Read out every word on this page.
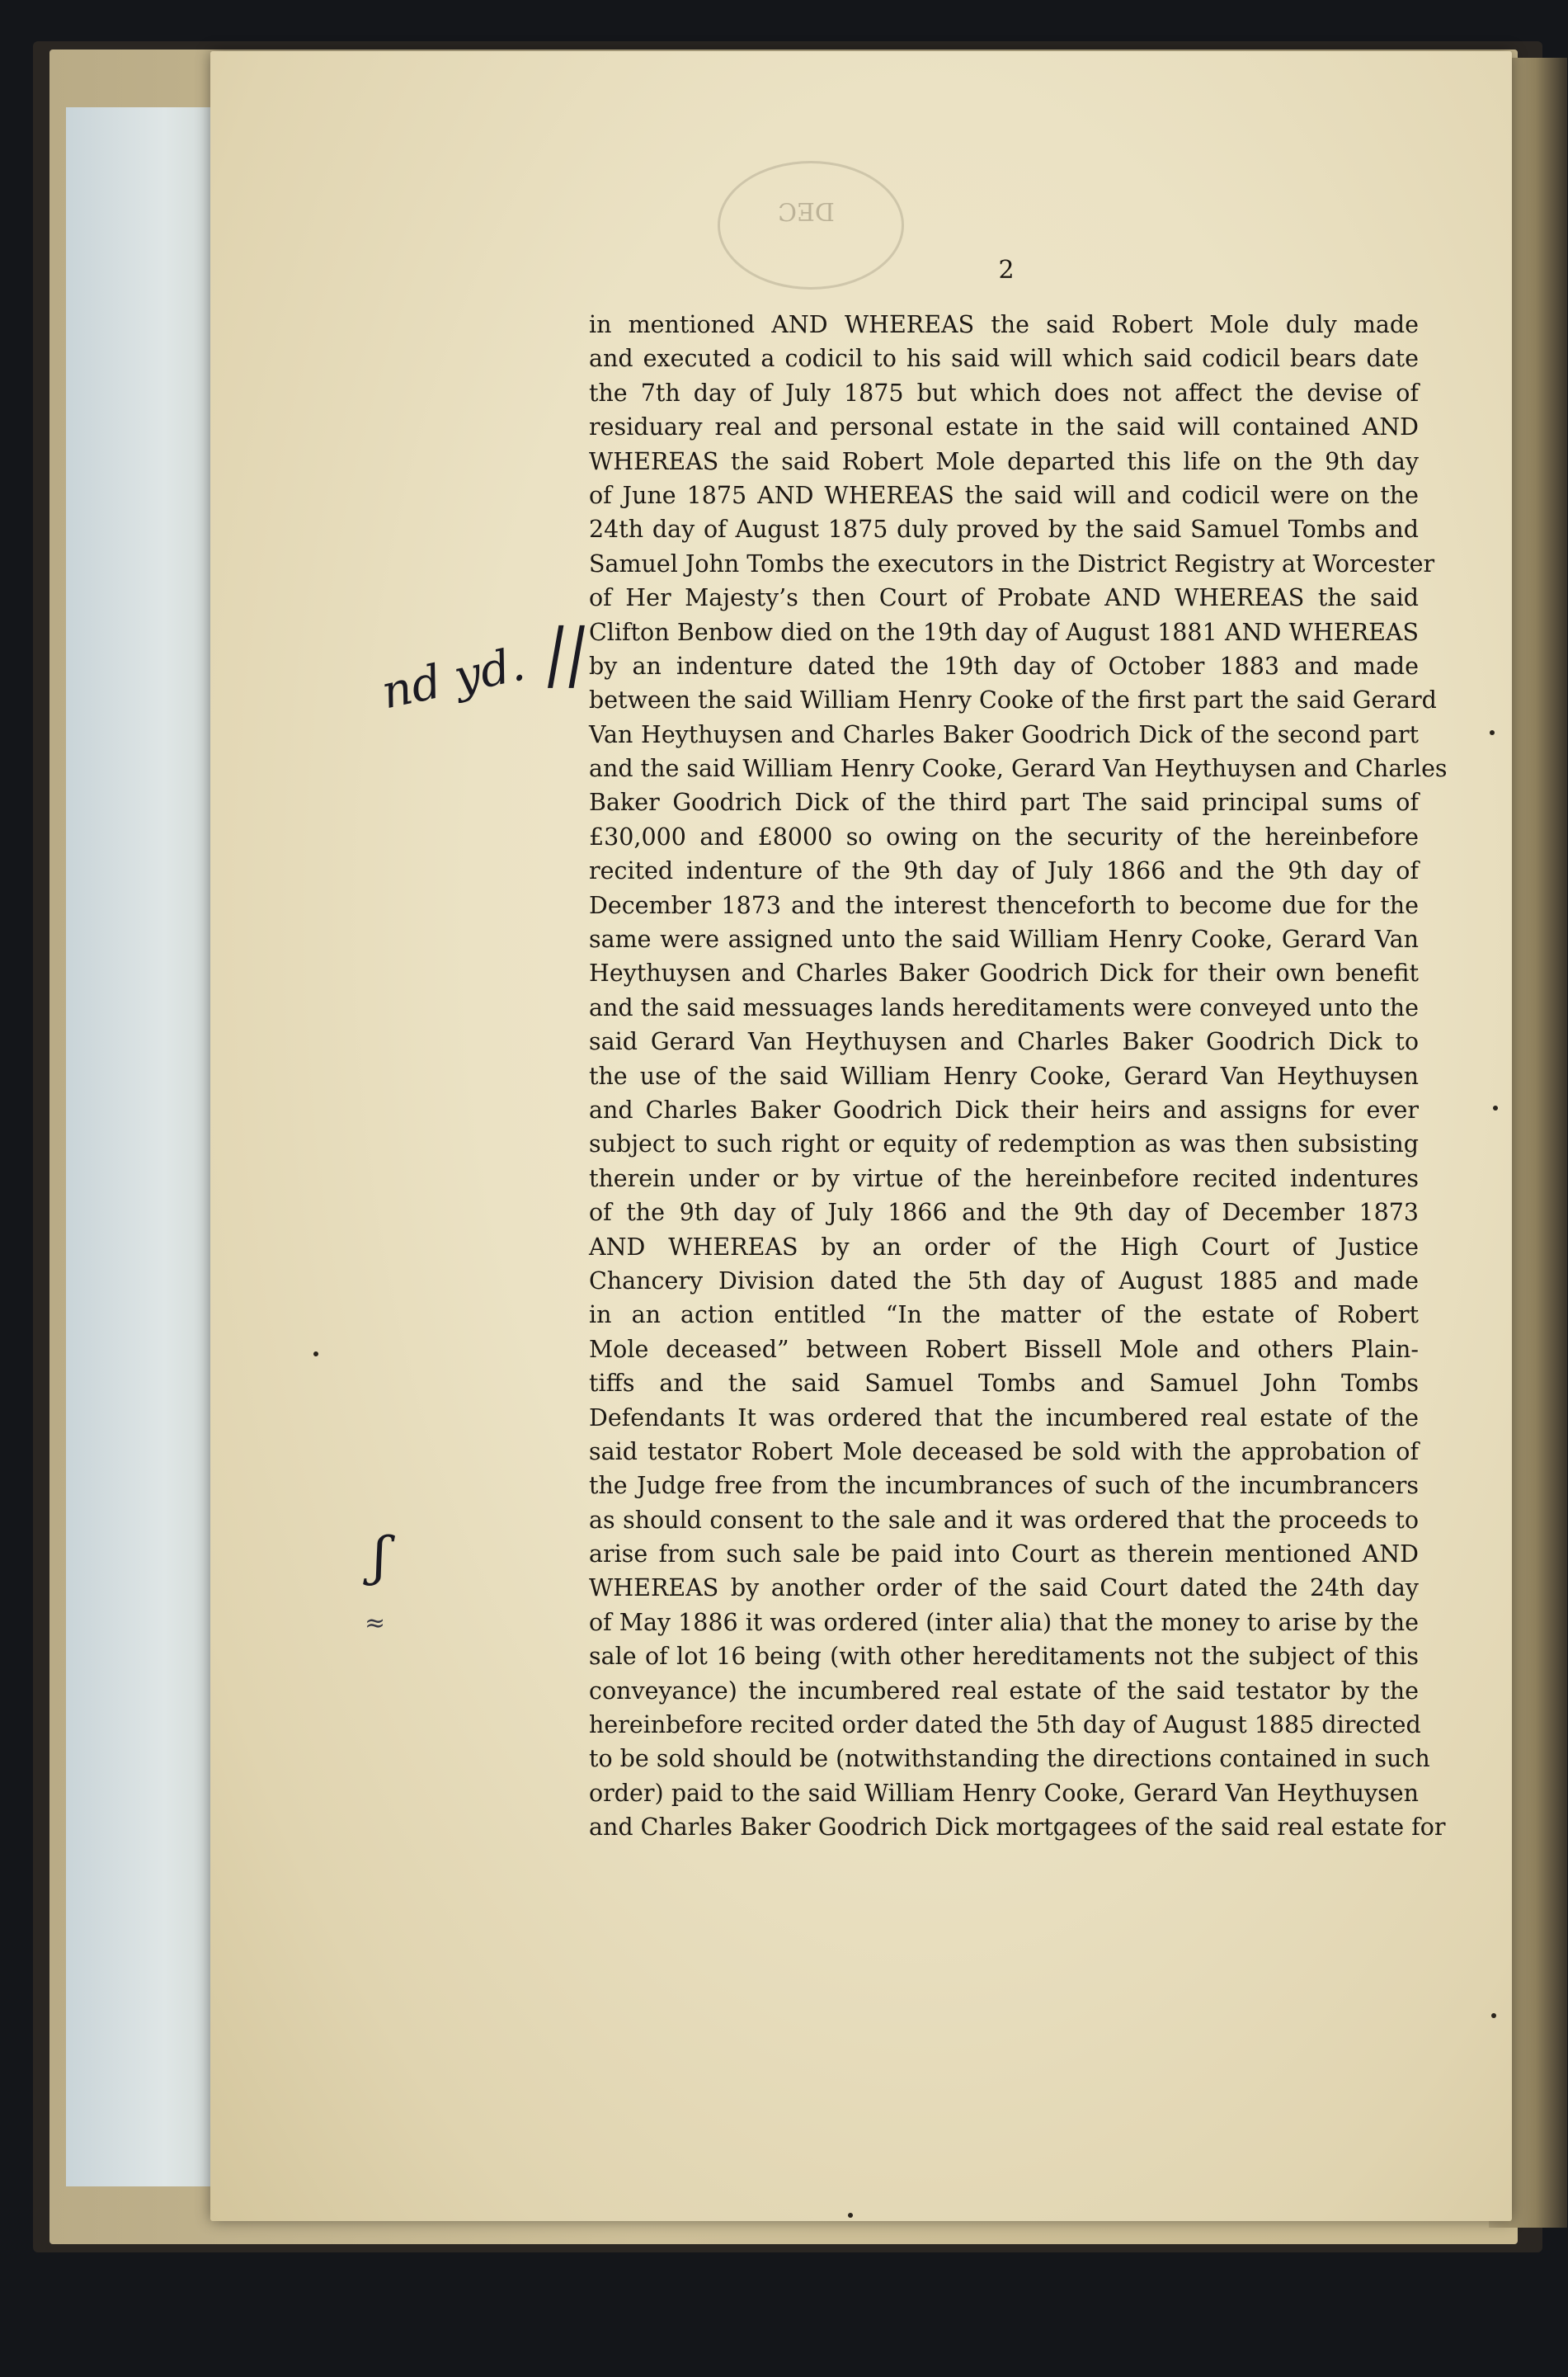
DEC
2
nd yd. ||
ʃ
≈
in mentioned AND WHEREAS the said Robert Mole duly made
and executed a codicil to his said will which said codicil bears date
the 7th day of July 1875 but which does not affect the devise of
residuary real and personal estate in the said will contained AND
WHEREAS the said Robert Mole departed this life on the 9th day
of June 1875 AND WHEREAS the said will and codicil were on the
24th day of August 1875 duly proved by the said Samuel Tombs and
Samuel John Tombs the executors in the District Registry at Worcester
of Her Majesty’s then Court of Probate AND WHEREAS the said
Clifton Benbow died on the 19th day of August 1881 AND WHEREAS
by an indenture dated the 19th day of October 1883 and made
between the said William Henry Cooke of the first part the said Gerard
Van Heythuysen and Charles Baker Goodrich Dick of the second part
and the said William Henry Cooke, Gerard Van Heythuysen and Charles
Baker Goodrich Dick of the third part The said principal sums of
£30,000 and £8000 so owing on the security of the hereinbefore
recited indenture of the 9th day of July 1866 and the 9th day of
December 1873 and the interest thenceforth to become due for the
same were assigned unto the said William Henry Cooke, Gerard Van
Heythuysen and Charles Baker Goodrich Dick for their own benefit
and the said messuages lands hereditaments were conveyed unto the
said Gerard Van Heythuysen and Charles Baker Goodrich Dick to
the use of the said William Henry Cooke, Gerard Van Heythuysen
and Charles Baker Goodrich Dick their heirs and assigns for ever
subject to such right or equity of redemption as was then subsisting
therein under or by virtue of the hereinbefore recited indentures
of the 9th day of July 1866 and the 9th day of December 1873
AND WHEREAS by an order of the High Court of Justice
Chancery Division dated the 5th day of August 1885 and made
in an action entitled “In the matter of the estate of Robert
Mole deceased” between Robert Bissell Mole and others Plain-
tiffs and the said Samuel Tombs and Samuel John Tombs
Defendants It was ordered that the incumbered real estate of the
said testator Robert Mole deceased be sold with the approbation of
the Judge free from the incumbrances of such of the incumbrancers
as should consent to the sale and it was ordered that the proceeds to
arise from such sale be paid into Court as therein mentioned AND
WHEREAS by another order of the said Court dated the 24th day
of May 1886 it was ordered (inter alia) that the money to arise by the
sale of lot 16 being (with other hereditaments not the subject of this
conveyance) the incumbered real estate of the said testator by the
hereinbefore recited order dated the 5th day of August 1885 directed
to be sold should be (notwithstanding the directions contained in such
order) paid to the said William Henry Cooke, Gerard Van Heythuysen
and Charles Baker Goodrich Dick mortgagees of the said real estate for
